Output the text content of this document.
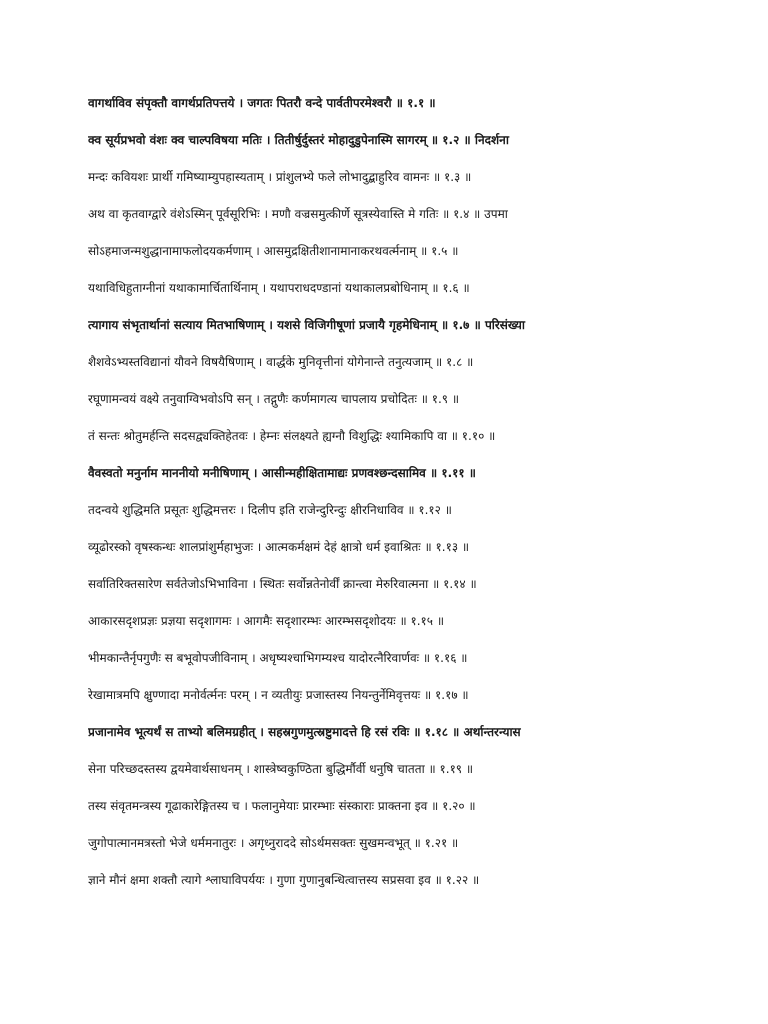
वागर्थाविव संपृक्तौ वागर्थप्रतिपत्तये । जगतः पितरौ वन्दे पार्वतीपरमेश्वरौ ॥ १.१ ॥
क्व सूर्यप्रभवो वंशः क्व चाल्पविषया मतिः । तितीर्षुर्दुस्तरं मोहादुडुपेनास्मि सागरम् ॥ १.२ ॥ निदर्शना
मन्दः कवियशः प्रार्थी गमिष्याम्युपहास्यताम् । प्रांशुलभ्ये फले लोभादुद्बाहुरिव वामनः ॥ १.३ ॥
अथ वा कृतवाग्द्वारे वंशेऽस्मिन् पूर्वसूरिभिः । मणौ वज्रसमुत्कीर्णे सूत्रस्येवास्ति मे गतिः ॥ १.४ ॥ उपमा
सोऽहमाजन्मशुद्धानामाफलोदयकर्मणाम् । आसमुद्रक्षितीशानामानाकरथवर्त्मनाम् ॥ १.५ ॥
यथाविधिहुताग्नीनां यथाकामार्चितार्थिनाम् । यथापराधदण्डानां यथाकालप्रबोधिनाम् ॥ १.६ ॥
त्यागाय संभृतार्थानां सत्याय मितभाषिणाम् । यशसे विजिगीषूणां प्रजायै गृहमेधिनाम् ॥ १.७ ॥ परिसंख्या
शैशवेऽभ्यस्तविद्यानां यौवने विषयैषिणाम् । वार्द्धके मुनिवृत्तीनां योगेनान्ते तनुत्यजाम् ॥ १.८ ॥
रघूणामन्वयं वक्ष्ये तनुवाग्विभवोऽपि सन् । तद्गुणैः कर्णमागत्य चापलाय प्रचोदितः ॥ १.९ ॥
तं सन्तः श्रोतुमर्हन्ति सदसद्व्यक्तिहेतवः । हेम्नः संलक्ष्यते ह्यग्नौ विशुद्धिः श्यामिकापि वा ॥ १.१० ॥
वैवस्वतो मनुर्नाम माननीयो मनीषिणाम् । आसीन्महीक्षितामाद्यः प्रणवश्छन्दसामिव ॥ १.११ ॥
तदन्वये शुद्धिमति प्रसूतः शुद्धिमत्तरः । दिलीप इति राजेन्दुरिन्दुः क्षीरनिधाविव ॥ १.१२ ॥
व्यूढोरस्को वृषस्कन्धः शालप्रांशुर्महाभुजः । आत्मकर्मक्षमं देहं क्षात्रो धर्म इवाश्रितः ॥ १.१३ ॥
सर्वातिरिक्तसारेण सर्वतेजोऽभिभाविना । स्थितः सर्वोन्नतेनोर्वीं क्रान्त्वा मेरुरिवात्मना ॥ १.१४ ॥
आकारसदृशप्रज्ञः प्रज्ञया सदृशागमः । आगमैः सदृशारम्भः आरम्भसदृशोदयः ॥ १.१५ ॥
भीमकान्तैर्नृपगुणैः स बभूवोपजीविनाम् । अधृष्यश्चाभिगम्यश्च यादोरत्नैरिवार्णवः ॥ १.१६ ॥
रेखामात्रमपि क्षुण्णादा मनोर्वर्त्मनः परम् । न व्यतीयुः प्रजास्तस्य नियन्तुर्नेमिवृत्तयः ॥ १.१७ ॥
प्रजानामेव भूत्यर्थं स ताभ्यो बलिमग्रहीत् । सहस्रगुणमुत्स्रष्टुमादत्ते हि रसं रविः ॥ १.१८ ॥ अर्थान्तरन्यास
सेना परिच्छदस्तस्य द्वयमेवार्थसाधनम् । शास्त्रेष्वकुण्ठिता बुद्धिर्मौर्वी धनुषि चातता ॥ १.१९ ॥
तस्य संवृतमन्त्रस्य गूढाकारेङ्गितस्य च । फलानुमेयाः प्रारम्भाः संस्काराः प्राक्तना इव ॥ १.२० ॥
जुगोपात्मानमत्रस्तो भेजे धर्ममनातुरः । अगृध्नुराददे सोऽर्थमसक्तः सुखमन्वभूत् ॥ १.२१ ॥
ज्ञाने मौनं क्षमा शक्तौ त्यागे श्लाघाविपर्ययः । गुणा गुणानुबन्धित्वात्तस्य सप्रसवा इव ॥ १.२२ ॥
